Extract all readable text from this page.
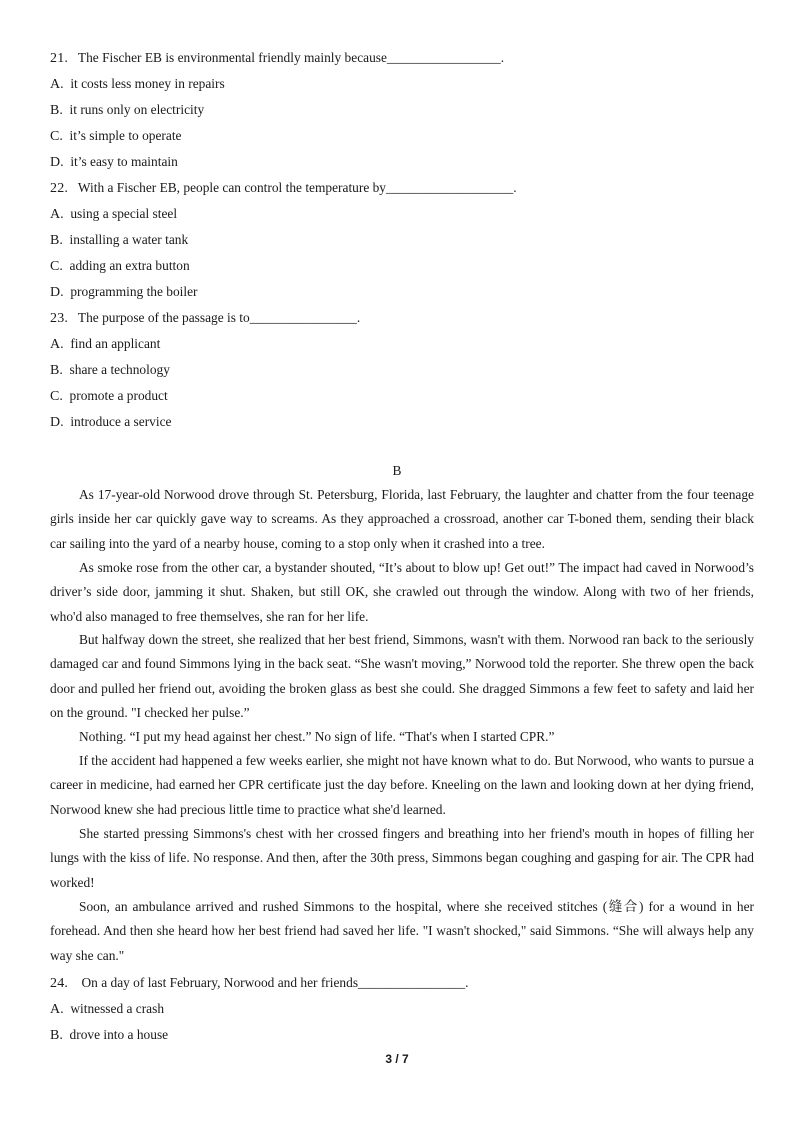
21. The Fischer EB is environmental friendly mainly because_________________.
A. it costs less money in repairs
B. it runs only on electricity
C. it’s simple to operate
D. it’s easy to maintain
22. With a Fischer EB, people can control the temperature by___________________.
A. using a special steel
B. installing a water tank
C. adding an extra button
D. programming the boiler
23. The purpose of the passage is to________________.
A. find an applicant
B. share a technology
C. promote a product
D. introduce a service
B

As 17-year-old Norwood drove through St. Petersburg, Florida, last February, the laughter and chatter from the four teenage girls inside her car quickly gave way to screams. As they approached a crossroad, another car T-boned them, sending their black car sailing into the yard of a nearby house, coming to a stop only when it crashed into a tree.

As smoke rose from the other car, a bystander shouted, “It’s about to blow up! Get out!” The impact had caved in Norwood’s driver’s side door, jamming it shut. Shaken, but still OK, she crawled out through the window. Along with two of her friends, who'd also managed to free themselves, she ran for her life.

But halfway down the street, she realized that her best friend, Simmons, wasn't with them. Norwood ran back to the seriously damaged car and found Simmons lying in the back seat. “She wasn't moving,” Norwood told the reporter. She threw open the back door and pulled her friend out, avoiding the broken glass as best she could. She dragged Simmons a few feet to safety and laid her on the ground. "I checked her pulse.”

Nothing. “I put my head against her chest.” No sign of life. “That's when I started CPR.”

If the accident had happened a few weeks earlier, she might not have known what to do. But Norwood, who wants to pursue a career in medicine, had earned her CPR certificate just the day before. Kneeling on the lawn and looking down at her dying friend, Norwood knew she had precious little time to practice what she'd learned.

She started pressing Simmons's chest with her crossed fingers and breathing into her friend's mouth in hopes of filling her lungs with the kiss of life. No response. And then, after the 30th press, Simmons began coughing and gasping for air. The CPR had worked!

Soon, an ambulance arrived and rushed Simmons to the hospital, where she received stitches (缝合) for a wound in her forehead. And then she heard how her best friend had saved her life. "I wasn't shocked," said Simmons. “She will always help any way she can."

24. On a day of last February, Norwood and her friends________________.
A. witnessed a crash
B. drove into a house
3 / 7
